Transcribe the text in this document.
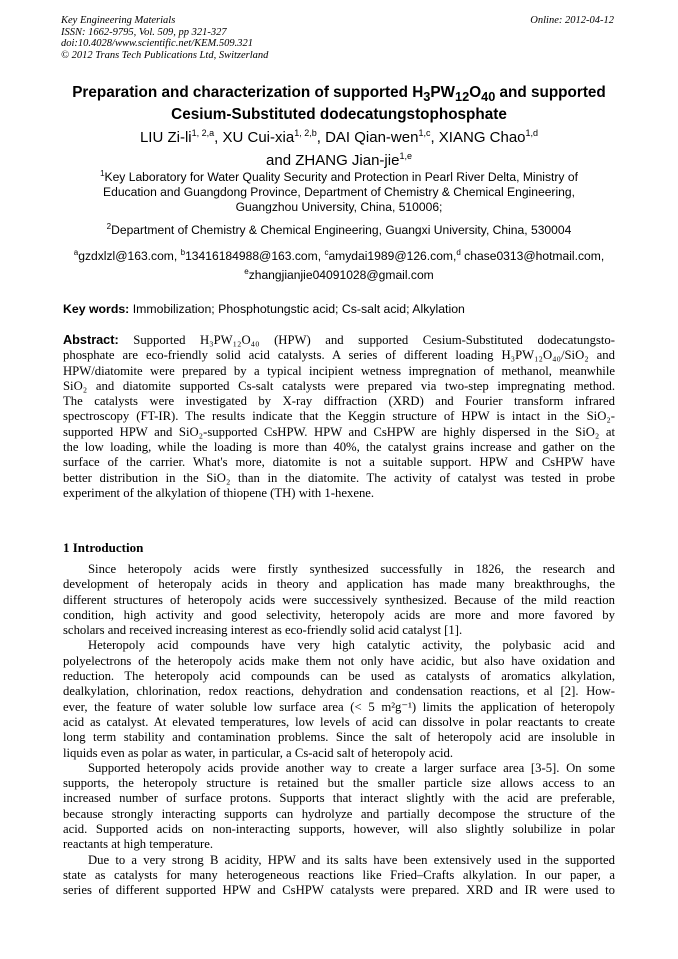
Key Engineering Materials
ISSN: 1662-9795, Vol. 509, pp 321-327
doi:10.4028/www.scientific.net/KEM.509.321
© 2012 Trans Tech Publications Ltd, Switzerland
Online: 2012-04-12
Preparation and characterization of supported $H_3PW_{12}O_{40}$ and supported
Cesium-Substituted dodecatungstophosphate
LIU Zi-li$^{1, 2,a}$, XU Cui-xia$^{1, 2,b}$, DAI Qian-wen$^{1,c}$, XIANG Chao$^{1,d}$
and ZHANG Jian-jie$^{1,e}$
$^1$Key Laboratory for Water Quality Security and Protection in Pearl River Delta, Ministry of Education and Guangdong Province, Department of Chemistry & Chemical Engineering, Guangzhou University, China, 510006;
$^2$Department of Chemistry & Chemical Engineering, Guangxi University, China, 530004
$^a$gzdxlzl@163.com, $^b$13416184988@163.com, $^c$amydai1989@126.com,$^d$ chase0313@hotmail.com,
$^e$zhangjianjie04091028@gmail.com
Key words: Immobilization; Phosphotungstic acid; Cs-salt acid; Alkylation
Abstract: Supported H₃PW₁₂O₄₀ (HPW) and supported Cesium-Substituted dodecatungsto-
phosphate are eco-friendly solid acid catalysts. A series of different loading H₃PW₁₂O₄₀/SiO₂ and
HPW/diatomite were prepared by a typical incipient wetness impregnation of methanol, meanwhile
SiO₂ and diatomite supported Cs-salt catalysts were prepared via two-step impregnating method.
The catalysts were investigated by X-ray diffraction (XRD) and Fourier transform infrared
spectroscopy (FT-IR). The results indicate that the Keggin structure of HPW is intact in the SiO₂-
supported HPW and SiO₂-supported CsHPW. HPW and CsHPW are highly dispersed in the SiO₂ at
the low loading, while the loading is more than 40%, the catalyst grains increase and gather on the
surface of the carrier. What's more, diatomite is not a suitable support. HPW and CsHPW have
better distribution in the SiO₂ than in the diatomite. The activity of catalyst was tested in probe
experiment of the alkylation of thiopene (TH) with 1-hexene.
1 Introduction
Since heteropoly acids were firstly synthesized successfully in 1826, the research and
development of heteropaly acids in theory and application has made many breakthroughs, the
different structures of heteropoly acids were successively synthesized. Because of the mild reaction
condition, high activity and good selectivity, heteropoly acids are more and more favored by
scholars and received increasing interest as eco-friendly solid acid catalyst [1].
Heteropoly acid compounds have very high catalytic activity, the polybasic acid and
polyelectrons of the heteropoly acids make them not only have acidic, but also have oxidation and
reduction. The heteropoly acid compounds can be used as catalysts of aromatics alkylation,
dealkylation, chlorination, redox reactions, dehydration and condensation reactions, et al [2]. How-
ever, the feature of water soluble low surface area (< 5 m²g⁻¹) limits the application of heteropoly
acid as catalyst. At elevated temperatures, low levels of acid can dissolve in polar reactants to create
long term stability and contamination problems. Since the salt of heteropoly acid are insoluble in
liquids even as polar as water, in particular, a Cs-acid salt of heteropoly acid.
Supported heteropoly acids provide another way to create a larger surface area [3-5]. On some
supports, the heteropoly structure is retained but the smaller particle size allows access to an
increased number of surface protons. Supports that interact slightly with the acid are preferable,
because strongly interacting supports can hydrolyze and partially decompose the structure of the
acid. Supported acids on non-interacting supports, however, will also slightly solubilize in polar
reactants at high temperature.
Due to a very strong B acidity, HPW and its salts have been extensively used in the supported
state as catalysts for many heterogeneous reactions like Fried–Crafts alkylation. In our paper, a
series of different supported HPW and CsHPW catalysts were prepared. XRD and IR were used to
